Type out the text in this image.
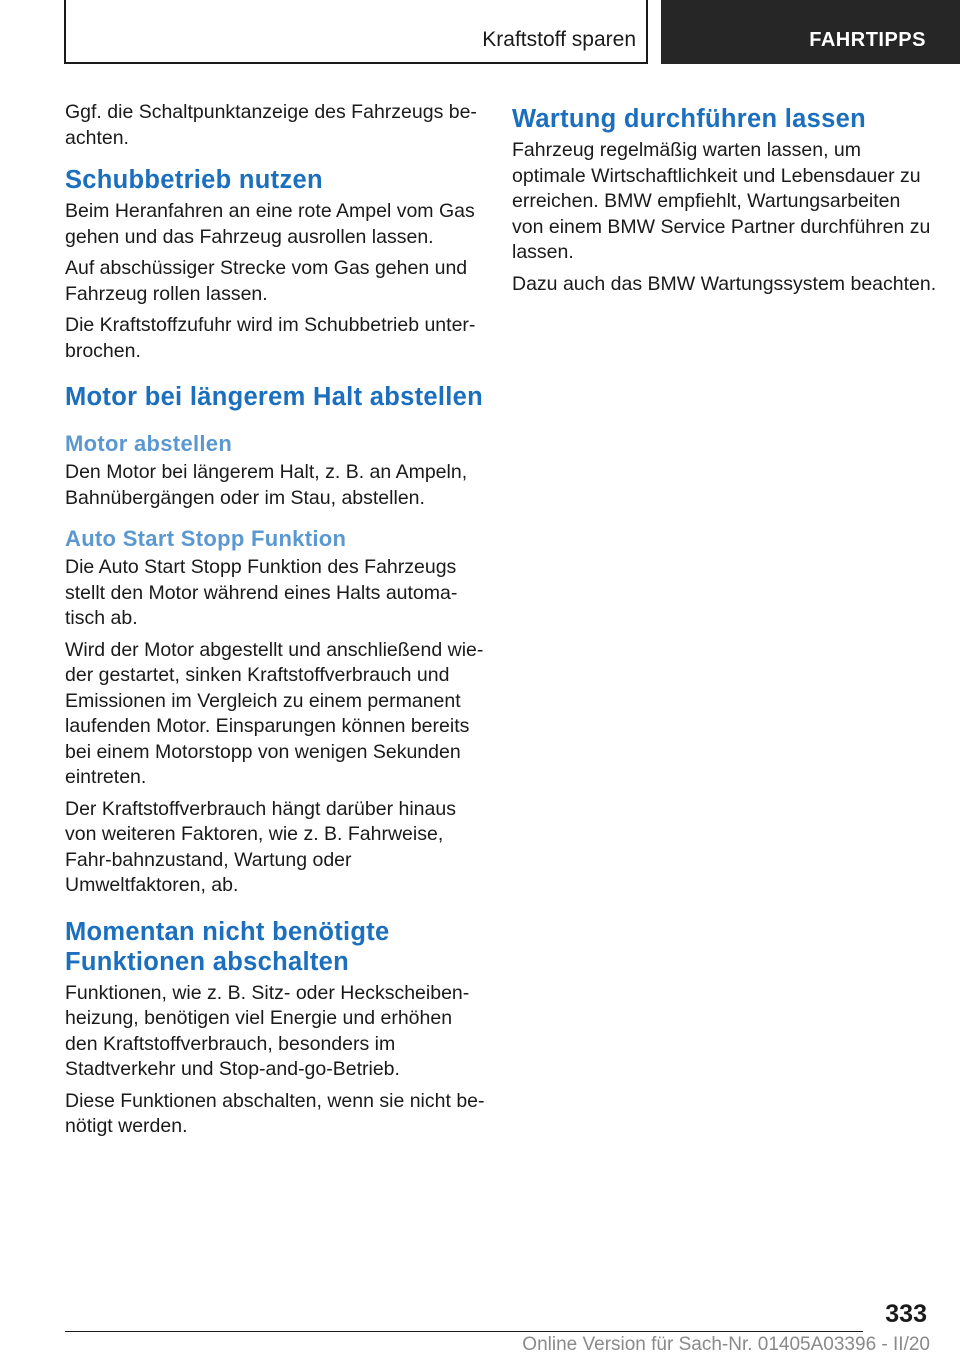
Kraftstoff sparen	FAHRTIPPS

Ggf. die Schaltpunktanzeige des Fahrzeugs be-achten.

Schubbetrieb nutzen

Beim Heranfahren an eine rote Ampel vom Gas gehen und das Fahrzeug ausrollen lassen.

Auf abschüssiger Strecke vom Gas gehen und Fahrzeug rollen lassen.

Die Kraftstoffzufuhr wird im Schubbetrieb unter-brochen.

Motor bei längerem Halt abstellen
Motor abstellen

Den Motor bei längerem Halt, z. B. an Ampeln, Bahnübergängen oder im Stau, abstellen.

Auto Start Stopp Funktion

Die Auto Start Stopp Funktion des Fahrzeugs stellt den Motor während eines Halts automa-tisch ab.

Wird der Motor abgestellt und anschließend wie-der gestartet, sinken Kraftstoffverbrauch und Emissionen im Vergleich zu einem permanent laufenden Motor. Einsparungen können bereits bei einem Motorstopp von wenigen Sekunden eintreten.

Der Kraftstoffverbrauch hängt darüber hinaus von weiteren Faktoren, wie z. B. Fahrweise, Fahr-bahnzustand, Wartung oder Umweltfaktoren, ab.

Momentan nicht benötigte Funktionen abschalten

Funktionen, wie z. B. Sitz- oder Heckscheiben-heizung, benötigen viel Energie und erhöhen den Kraftstoffverbrauch, besonders im Stadtverkehr und Stop-and-go-Betrieb.

Diese Funktionen abschalten, wenn sie nicht be-nötigt werden.

Wartung durchführen lassen

Fahrzeug regelmäßig warten lassen, um optimale Wirtschaftlichkeit und Lebensdauer zu erreichen. BMW empfiehlt, Wartungsarbeiten von einem BMW Service Partner durchführen zu lassen.

Dazu auch das BMW Wartungssystem beachten.

333
Online Version für Sach-Nr. 01405A03396 - II/20
